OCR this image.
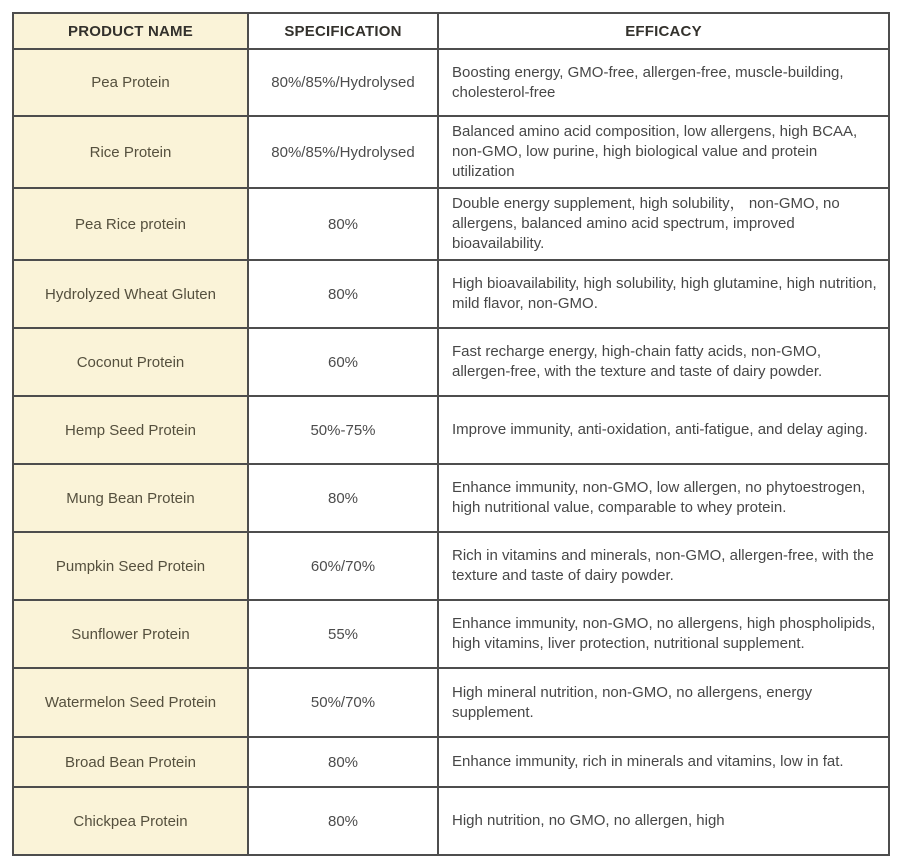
PRODUCT NAME	SPECIFICATION	EFFICACY
Pea Protein	80%/85%/Hydrolysed	Boosting energy, GMO-free, allergen-free, muscle-building, cholesterol-free
Rice Protein	80%/85%/Hydrolysed	Balanced amino acid composition, low allergens, high BCAA, non-GMO, low purine, high biological value and protein utilization
Pea Rice protein	80%	Double energy supplement, high solubility， non-GMO, no allergens, balanced amino acid spectrum, improved bioavailability.
Hydrolyzed Wheat Gluten	80%	High bioavailability, high solubility, high glutamine, high nutrition, mild flavor, non-GMO.
Coconut Protein	60%	Fast recharge energy, high-chain fatty acids, non-GMO, allergen-free, with the texture and taste of dairy powder.
Hemp Seed Protein	50%-75%	Improve immunity, anti-oxidation, anti-fatigue, and delay aging.
Mung Bean Protein	80%	Enhance immunity, non-GMO, low allergen, no phytoestrogen, high nutritional value, comparable to whey protein.
Pumpkin Seed Protein	60%/70%	Rich in vitamins and minerals, non-GMO, allergen-free, with the texture and taste of dairy powder.
Sunflower Protein	55%	Enhance immunity, non-GMO, no allergens, high phospholipids, high vitamins, liver protection, nutritional supplement.
Watermelon Seed Protein	50%/70%	High mineral nutrition, non-GMO, no allergens, energy supplement.
Broad Bean Protein	80%	Enhance immunity, rich in minerals and vitamins, low in fat.
Chickpea Protein	80%	High nutrition, no GMO, no allergen, high
